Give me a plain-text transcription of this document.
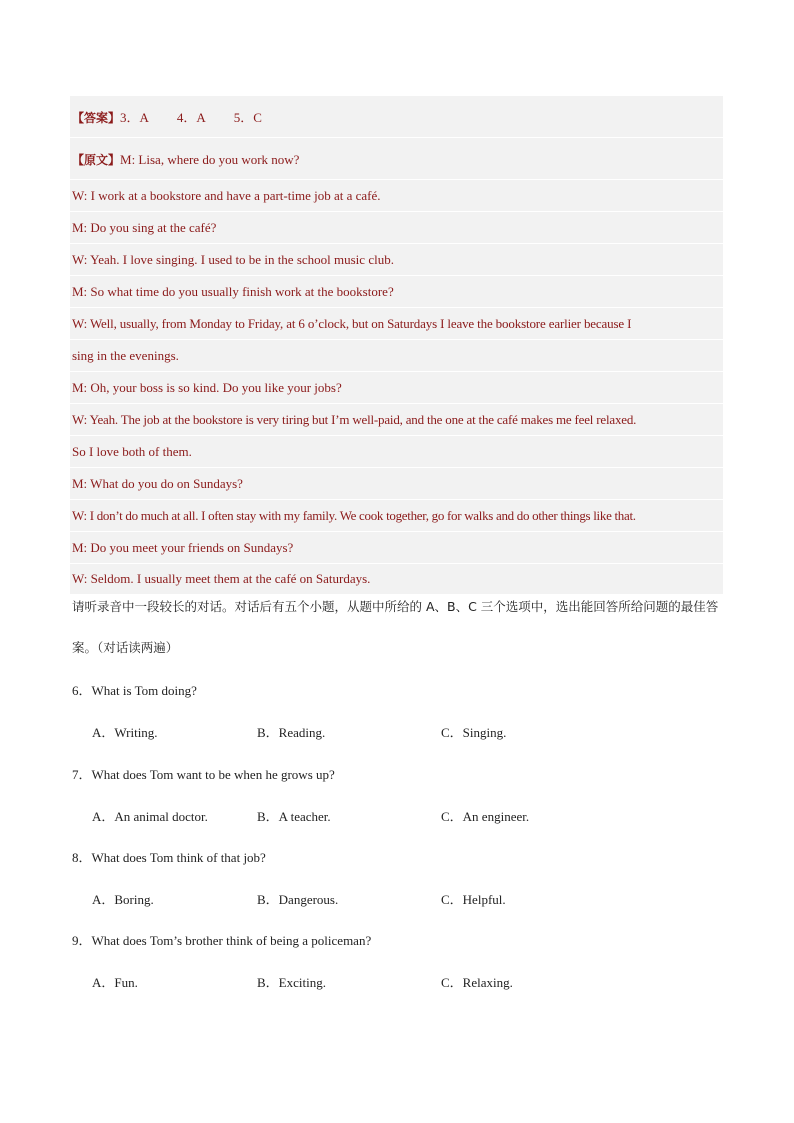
【答案】3．A 4．A 5．C
【原文】M: Lisa, where do you work now?
W: I work at a bookstore and have a part-time job at a café.
M: Do you sing at the café?
W: Yeah. I love singing. I used to be in the school music club.
M: So what time do you usually finish work at the bookstore?
W: Well, usually, from Monday to Friday, at 6 o’clock, but on Saturdays I leave the bookstore earlier because I
sing in the evenings.
M: Oh, your boss is so kind. Do you like your jobs?
W: Yeah. The job at the bookstore is very tiring but I’m well-paid, and the one at the café makes me feel relaxed.
So I love both of them.
M: What do you do on Sundays?
W: I don’t do much at all. I often stay with my family. We cook together, go for walks and do other things like that.
M: Do you meet your friends on Sundays?
W: Seldom. I usually meet them at the café on Saturdays.
请听录音中一段较长的对话。对话后有五个小题，从题中所给的 A、B、C 三个选项中，选出能回答所给问题的最佳答案。（对话读两遍）
6．What is Tom doing?
A．Writing.	B．Reading.	C．Singing.
7．What does Tom want to be when he grows up?
A．An animal doctor.	B．A teacher.	C．An engineer.
8．What does Tom think of that job?
A．Boring.	B．Dangerous.	C．Helpful.
9．What does Tom’s brother think of being a policeman?
A．Fun.	B．Exciting.	C．Relaxing.
